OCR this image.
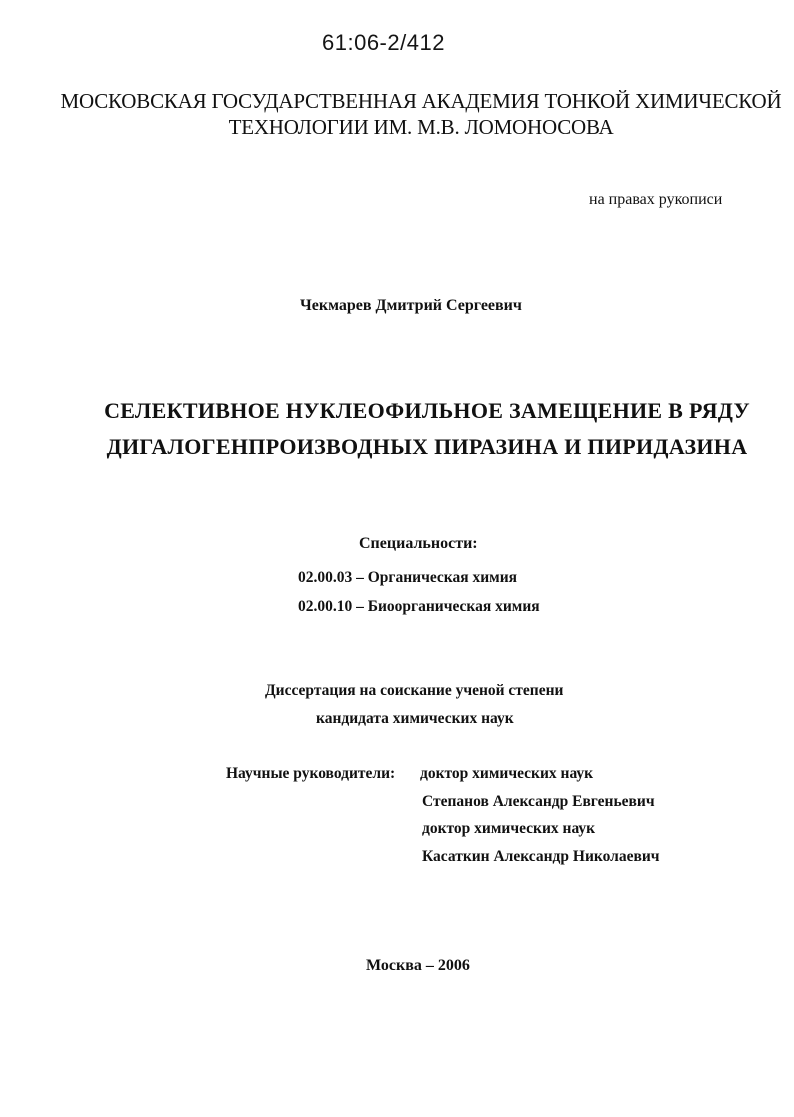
61:06-2/412
МОСКОВСКАЯ ГОСУДАРСТВЕННАЯ АКАДЕМИЯ ТОНКОЙ ХИМИЧЕСКОЙ
ТЕХНОЛОГИИ ИМ. М.В. ЛОМОНОСОВА
на правах рукописи
Чекмарев Дмитрий Сергеевич
СЕЛЕКТИВНОЕ НУКЛЕОФИЛЬНОЕ ЗАМЕЩЕНИЕ В РЯДУ
ДИГАЛОГЕНПРОИЗВОДНЫХ ПИРАЗИНА И ПИРИДАЗИНА
Специальности:
02.00.03 – Органическая химия
02.00.10 – Биоорганическая химия
Диссертация на соискание ученой степени
кандидата химических наук
Научные руководители: доктор химических наук
Степанов Александр Евгеньевич
доктор химических наук
Касаткин Александр Николаевич
Москва – 2006
